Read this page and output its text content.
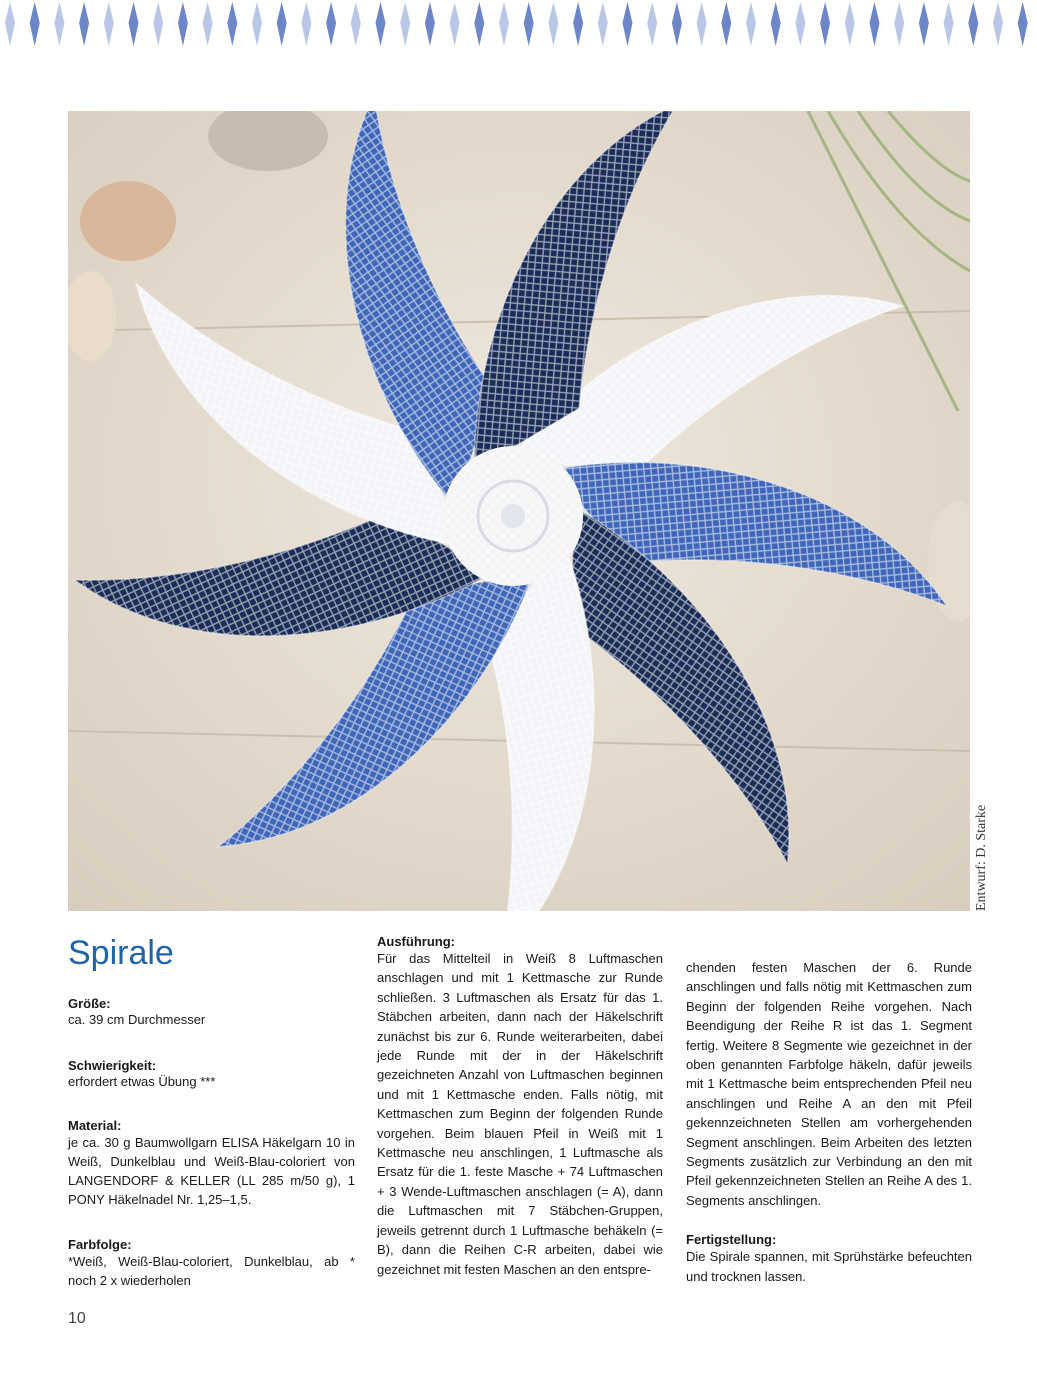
Entwurf: D. Starke
Spirale
Größe:

ca. 39 cm Durchmesser

Schwierigkeit:

erfordert etwas Übung ***

Material:

je ca. 30 g Baumwollgarn ELISA Häkelgarn 10 in Weiß, Dunkelblau und Weiß-Blau-coloriert von LANGENDORF & KELLER (LL 285 m/50 g), 1 PONY Häkelnadel Nr. 1,25–1,5.

Farbfolge:

*Weiß, Weiß-Blau-coloriert, Dunkelblau, ab * noch 2 x wiederholen

Ausführung:

Für das Mittelteil in Weiß 8 Luftmaschen anschlagen und mit 1 Kettmasche zur Runde schließen. 3 Luftmaschen als Ersatz für das 1. Stäbchen arbeiten, dann nach der Häkelschrift zunächst bis zur 6. Runde weiterarbeiten, dabei jede Runde mit der in der Häkelschrift gezeichneten Anzahl von Luftmaschen beginnen und mit 1 Kettmasche enden. Falls nötig, mit Kettmaschen zum Beginn der folgenden Runde vorgehen. Beim blauen Pfeil in Weiß mit 1 Kettmasche neu anschlingen, 1 Luftmasche als Ersatz für die 1. feste Masche + 74 Luftmaschen + 3 Wende-Luftmaschen anschlagen (= A), dann die Luftmaschen mit 7 Stäbchen-Gruppen, jeweils getrennt durch 1 Luftmasche behäkeln (= B), dann die Reihen C-R arbeiten, dabei wie gezeichnet mit festen Maschen an den entspre-

chenden festen Maschen der 6. Runde anschlingen und falls nötig mit Kettmaschen zum Beginn der folgenden Reihe vorgehen. Nach Beendigung der Reihe R ist das 1. Segment fertig. Weitere 8 Segmente wie gezeichnet in der oben genannten Farbfolge häkeln, dafür jeweils mit 1 Kettmasche beim entsprechenden Pfeil neu anschlingen und Reihe A an den mit Pfeil gekennzeichneten Stellen am vorhergehenden Segment anschlingen. Beim Arbeiten des letzten Segments zusätzlich zur Verbindung an den mit Pfeil gekennzeichneten Stellen an Reihe A des 1. Segments anschlingen.

Fertigstellung:

Die Spirale spannen, mit Sprühstärke befeuchten und trocknen lassen.

10
